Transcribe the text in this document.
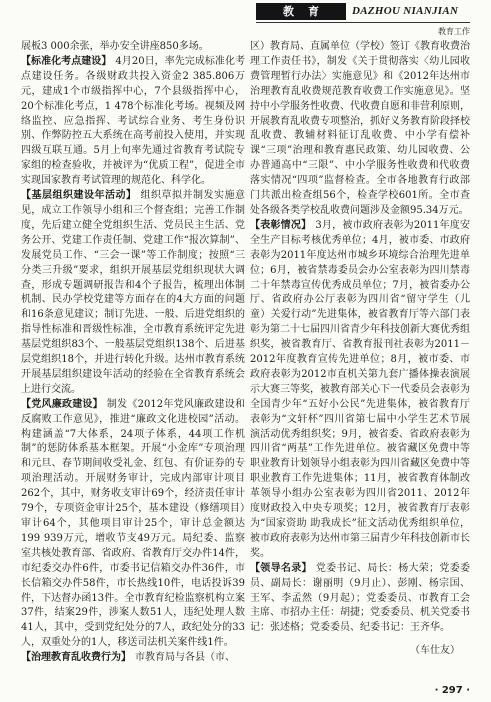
教育	DAZHOU NIANJIAN
教育工作

展板3 000余张，举办安全讲座850多场。

【标准化考点建设】 4月20日，率先完成标准化考点建设任务。各级财政共投入资金2 385.806万元，建成1个市级指挥中心，7个县级指挥中心，20个标准化考点，1 478个标准化考场。视频及网络监控、应急指挥、考试综合业务、考生身份识别、作弊防控五大系统在高考前投入使用，并实现四级互联互通。5月上旬率先通过省教育考试院专家组的检查验收，并被评为“优质工程”，促进全市实现国家教育考试管理的规范化、科学化。

【基层组织建设年活动】 组织草拟并制发实施意见，成立工作领导小组和三个督查组；完善工作制度，先后建立健全党组织生活、党员民主生活、党务公开、党建工作责任制、党建工作“报次算制”、发展党员工作、“三会一课”等工作制度；按照“三分类三升级”要求，组织开展基层党组织现状大调查，形成专题调研报告和4个子报告，梳理出体制机制、民办学校党建等方面存在的4大方面的问题和16条意见建议；制订先进、一般、后进党组织的指导性标准和晋级性标准，全市教育系统评定先进基层党组织83个、一般基层党组织138个、后进基层党组织18个，并进行转化升级。达州市教育系统开展基层组织建设年活动的经验在全省教育系统会上进行交流。

【党风廉政建设】 制发《2012年党风廉政建设和反腐败工作意见》，推进“廉政文化进校园”活动。构建涵盖“7大体系，24项子体系，44项工作机制”的惩防体系基本框架。开展“小金库”专项治理和元旦、春节期间收受礼金、红包、有价证券的专项治理活动。开展财务审计，完成内部审计项目262个，其中，财务收支审计69个，经济责任审计79个，专项资金审计25个，基本建设（修缮项目）审计64个，其他项目审计25个，审计总金额达199 939万元，增收节支49万元。局纪委、监察室共核处教育部、省政府、省教育厅交办件14件，市纪委交办件6件，市委书记信箱交办件36件，市长信箱交办件58件，市长热线10件，电话投诉39件，下达督办函13件。全市教育纪检监察机构立案37件，结案29件，涉案人数51人，违纪处理人数41人，其中，受到党纪处分的7人，政纪处分的33人，双重处分的1人，移送司法机关案件线1件。

【治理教育乱收费行为】 市教育局与各县（市、

区）教育局、直属单位（学校）签订《教育收费治理工作责任书》，制发《关于贯彻落实〈幼儿园收费管理暂行办法〉实施意见》和《2012年达州市治理教育乱收费规范教育收费工作实施意见》。坚持中小学服务性收费、代收费自愿和非营利原则，开展教育乱收费专项整治，抓好义务教育阶段择校乱收费、教辅材料征订乱收费、中小学有偿补课“三项”治理和教育惠民政策、幼儿园收费、公办普通高中“三限”、中小学服务性收费和代收费落实情况“四项”监督检查。全市各地教育行政部门共派出检查组56个，检查学校601所。全市查处各级各类学校乱收费问题涉及金额95.34万元。

【表彰情况】 3月，被市政府表彰为2011年度安全生产目标考核优秀单位；4月，被市委、市政府表彰为2011年度达州市城乡环境综合治理先进单位；6月，被省禁毒委员会办公室表彰为四川禁毒二十年禁毒宣传优秀成员单位；7月，被省委办公厅、省政府办公厅表彰为四川省“留守学生（儿童）关爱行动”先进集体，被省教育厅等六部门表彰为第二十七届四川省青少年科技创新大赛优秀组织奖，被省教育厅、省教育报刊社表彰为2011－2012年度教育宣传先进单位；8月，被市委、市政府表彰为2012市直机关第九套广播体操表演展示大赛三等奖，被教育部关心下一代委员会表彰为全国青少年“五好小公民”先进集体，被省教育厅表彰为“文轩杯”四川省第七届中小学生艺术节展演活动优秀组织奖；9月，被省委、省政府表彰为四川省“两基”工作先进单位。被省藏区免费中等职业教育计划领导小组表彰为四川省藏区免费中等职业教育工作先进集体；11月，被省教育体制改革领导小组办公室表彰为四川省2011、2012年度财政投入中央专项奖；12月，被省教育厅表彰为“国家资助 助我成长”征文活动优秀组织单位，被市政府表彰为达州市第三届青少年科技创新市长奖。

【领导名录】 党委书记、局长：杨大荣；党委委员、副局长：谢丽明（9月止）、彭刚、杨宗国、王军、李孟然（9月起）；党委委员、市教育工会主席、市招办主任：胡捷；党委委员、机关党委书记：张述格；党委委员、纪委书记：王齐华。

（车仕友）

· 297 ·
